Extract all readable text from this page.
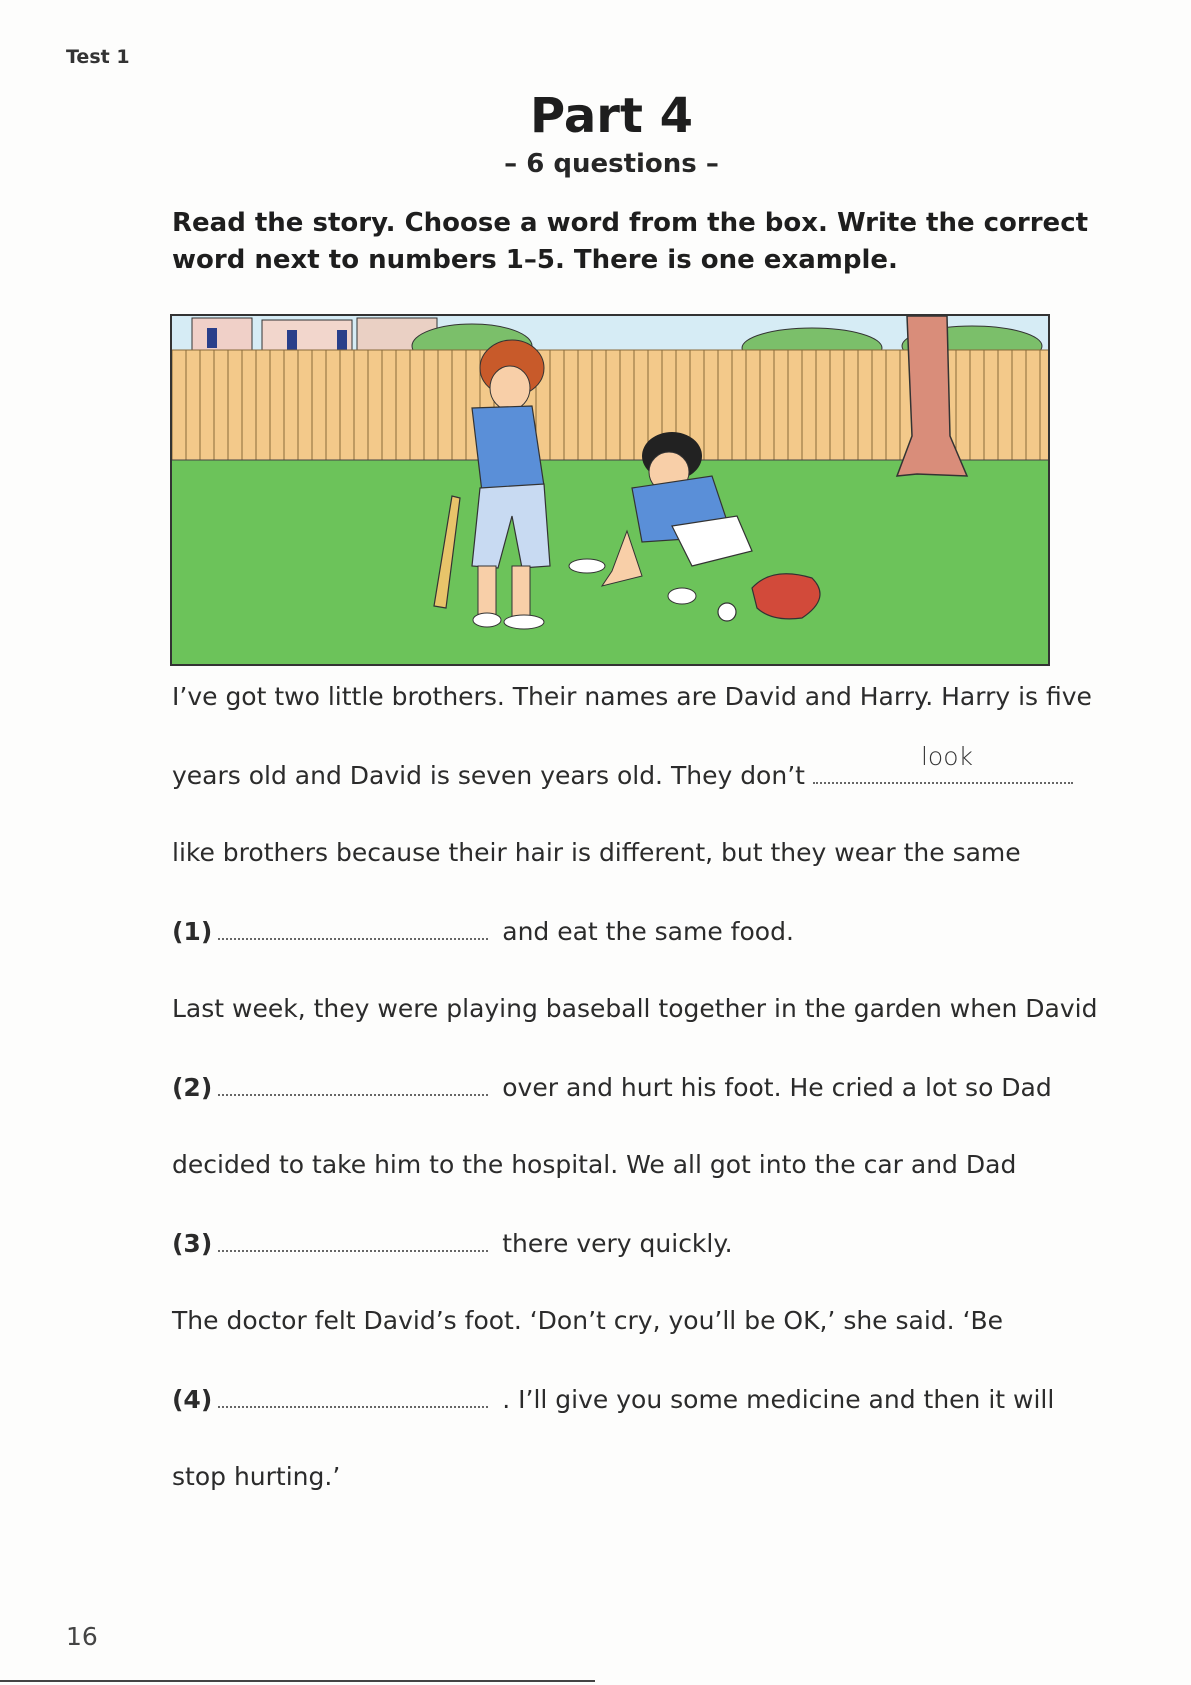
Test 1
Part 4
– 6 questions –
Read the story. Choose a word from the box. Write the correct
word next to numbers 1–5. There is one example.
I’ve got two little brothers. Their names are David and Harry. Harry is five
years old and David is seven years old. They don’t
look
like brothers because their hair is different, but they wear the same
(1)	and eat the same food.
Last week, they were playing baseball together in the garden when David
(2)	over and hurt his foot. He cried a lot so Dad
decided to take him to the hospital. We all got into the car and Dad
(3)	there very quickly.
The doctor felt David’s foot. ‘Don’t cry, you’ll be OK,’ she said. ‘Be
(4)	. I’ll give you some medicine and then it will
stop hurting.’
16
